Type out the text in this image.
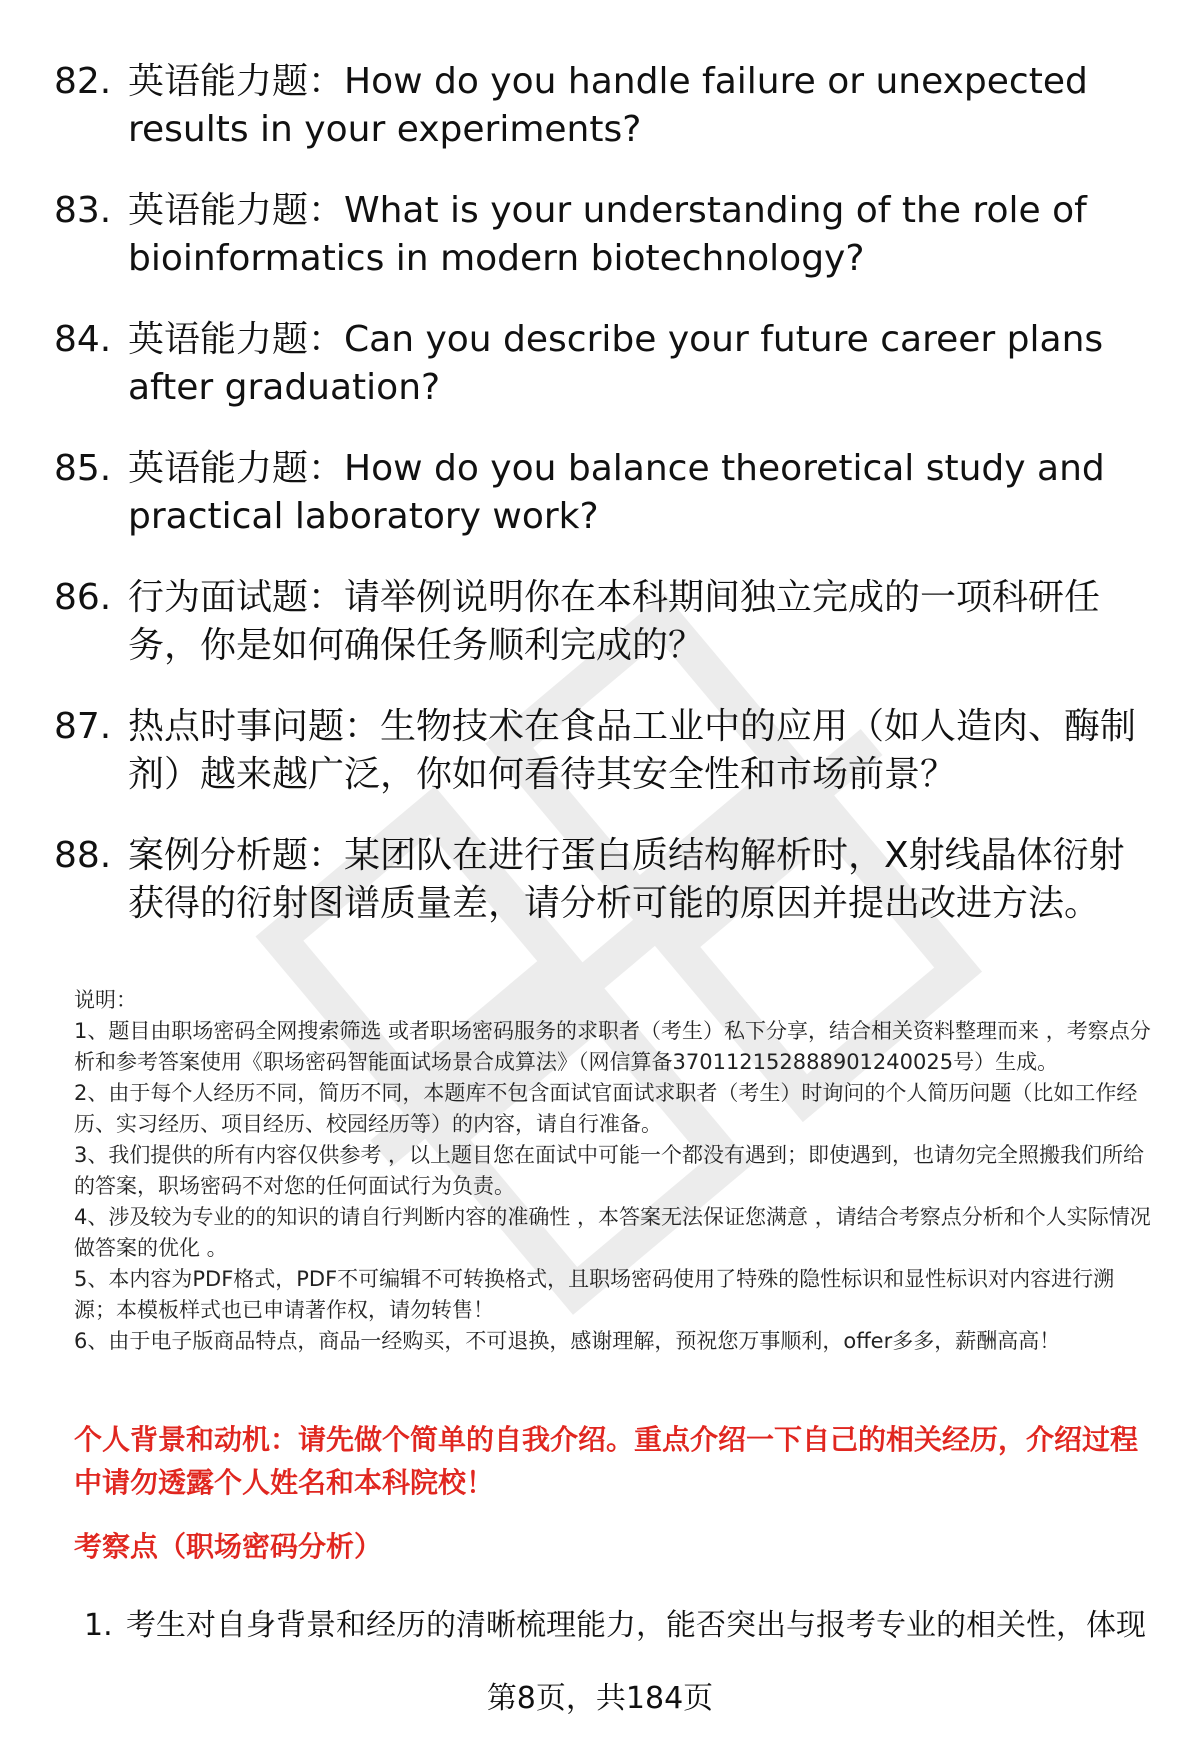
82. 英语能力题：How do you handle failure or unexpected results in your experiments?
83. 英语能力题：What is your understanding of the role of bioinformatics in modern biotechnology?
84. 英语能力题：Can you describe your future career plans after graduation?
85. 英语能力题：How do you balance theoretical study and practical laboratory work?
86. 行为面试题：请举例说明你在本科期间独立完成的一项科研任务，你是如何确保任务顺利完成的？
87. 热点时事问题：生物技术在食品工业中的应用（如人造肉、酶制剂）越来越广泛，你如何看待其安全性和市场前景？
88. 案例分析题：某团队在进行蛋白质结构解析时，X射线晶体衍射获得的衍射图谱质量差，请分析可能的原因并提出改进方法。

说明：

1、题目由职场密码全网搜索筛选 或者职场密码服务的求职者（考生）私下分享，结合相关资料整理而来 ，考察点分析和参考答案使用《职场密码智能面试场景合成算法》（网信算备370112152888901240025号）生成。

2、由于每个人经历不同，简历不同，本题库不包含面试官面试求职者（考生）时询问的个人简历问题（比如工作经历、实习经历、项目经历、校园经历等）的内容，请自行准备。

3、我们提供的所有内容仅供参考 ，以上题目您在面试中可能一个都没有遇到；即使遇到，也请勿完全照搬我们所给的答案，职场密码不对您的任何面试行为负责。

4、涉及较为专业的的知识的请自行判断内容的准确性 ，本答案无法保证您满意 ，请结合考察点分析和个人实际情况做答案的优化 。

5、本内容为PDF格式，PDF不可编辑不可转换格式，且职场密码使用了特殊的隐性标识和显性标识对内容进行溯源；本模板样式也已申请著作权，请勿转售！

6、由于电子版商品特点，商品一经购买，不可退换，感谢理解，预祝您万事顺利，offer多多，薪酬高高！

个人背景和动机：请先做个简单的自我介绍。重点介绍一下自己的相关经历，介绍过程中请勿透露个人姓名和本科院校！
考察点（职场密码分析）
1. 考生对自身背景和经历的清晰梳理能力，能否突出与报考专业的相关性，体现
第8页，共184页
